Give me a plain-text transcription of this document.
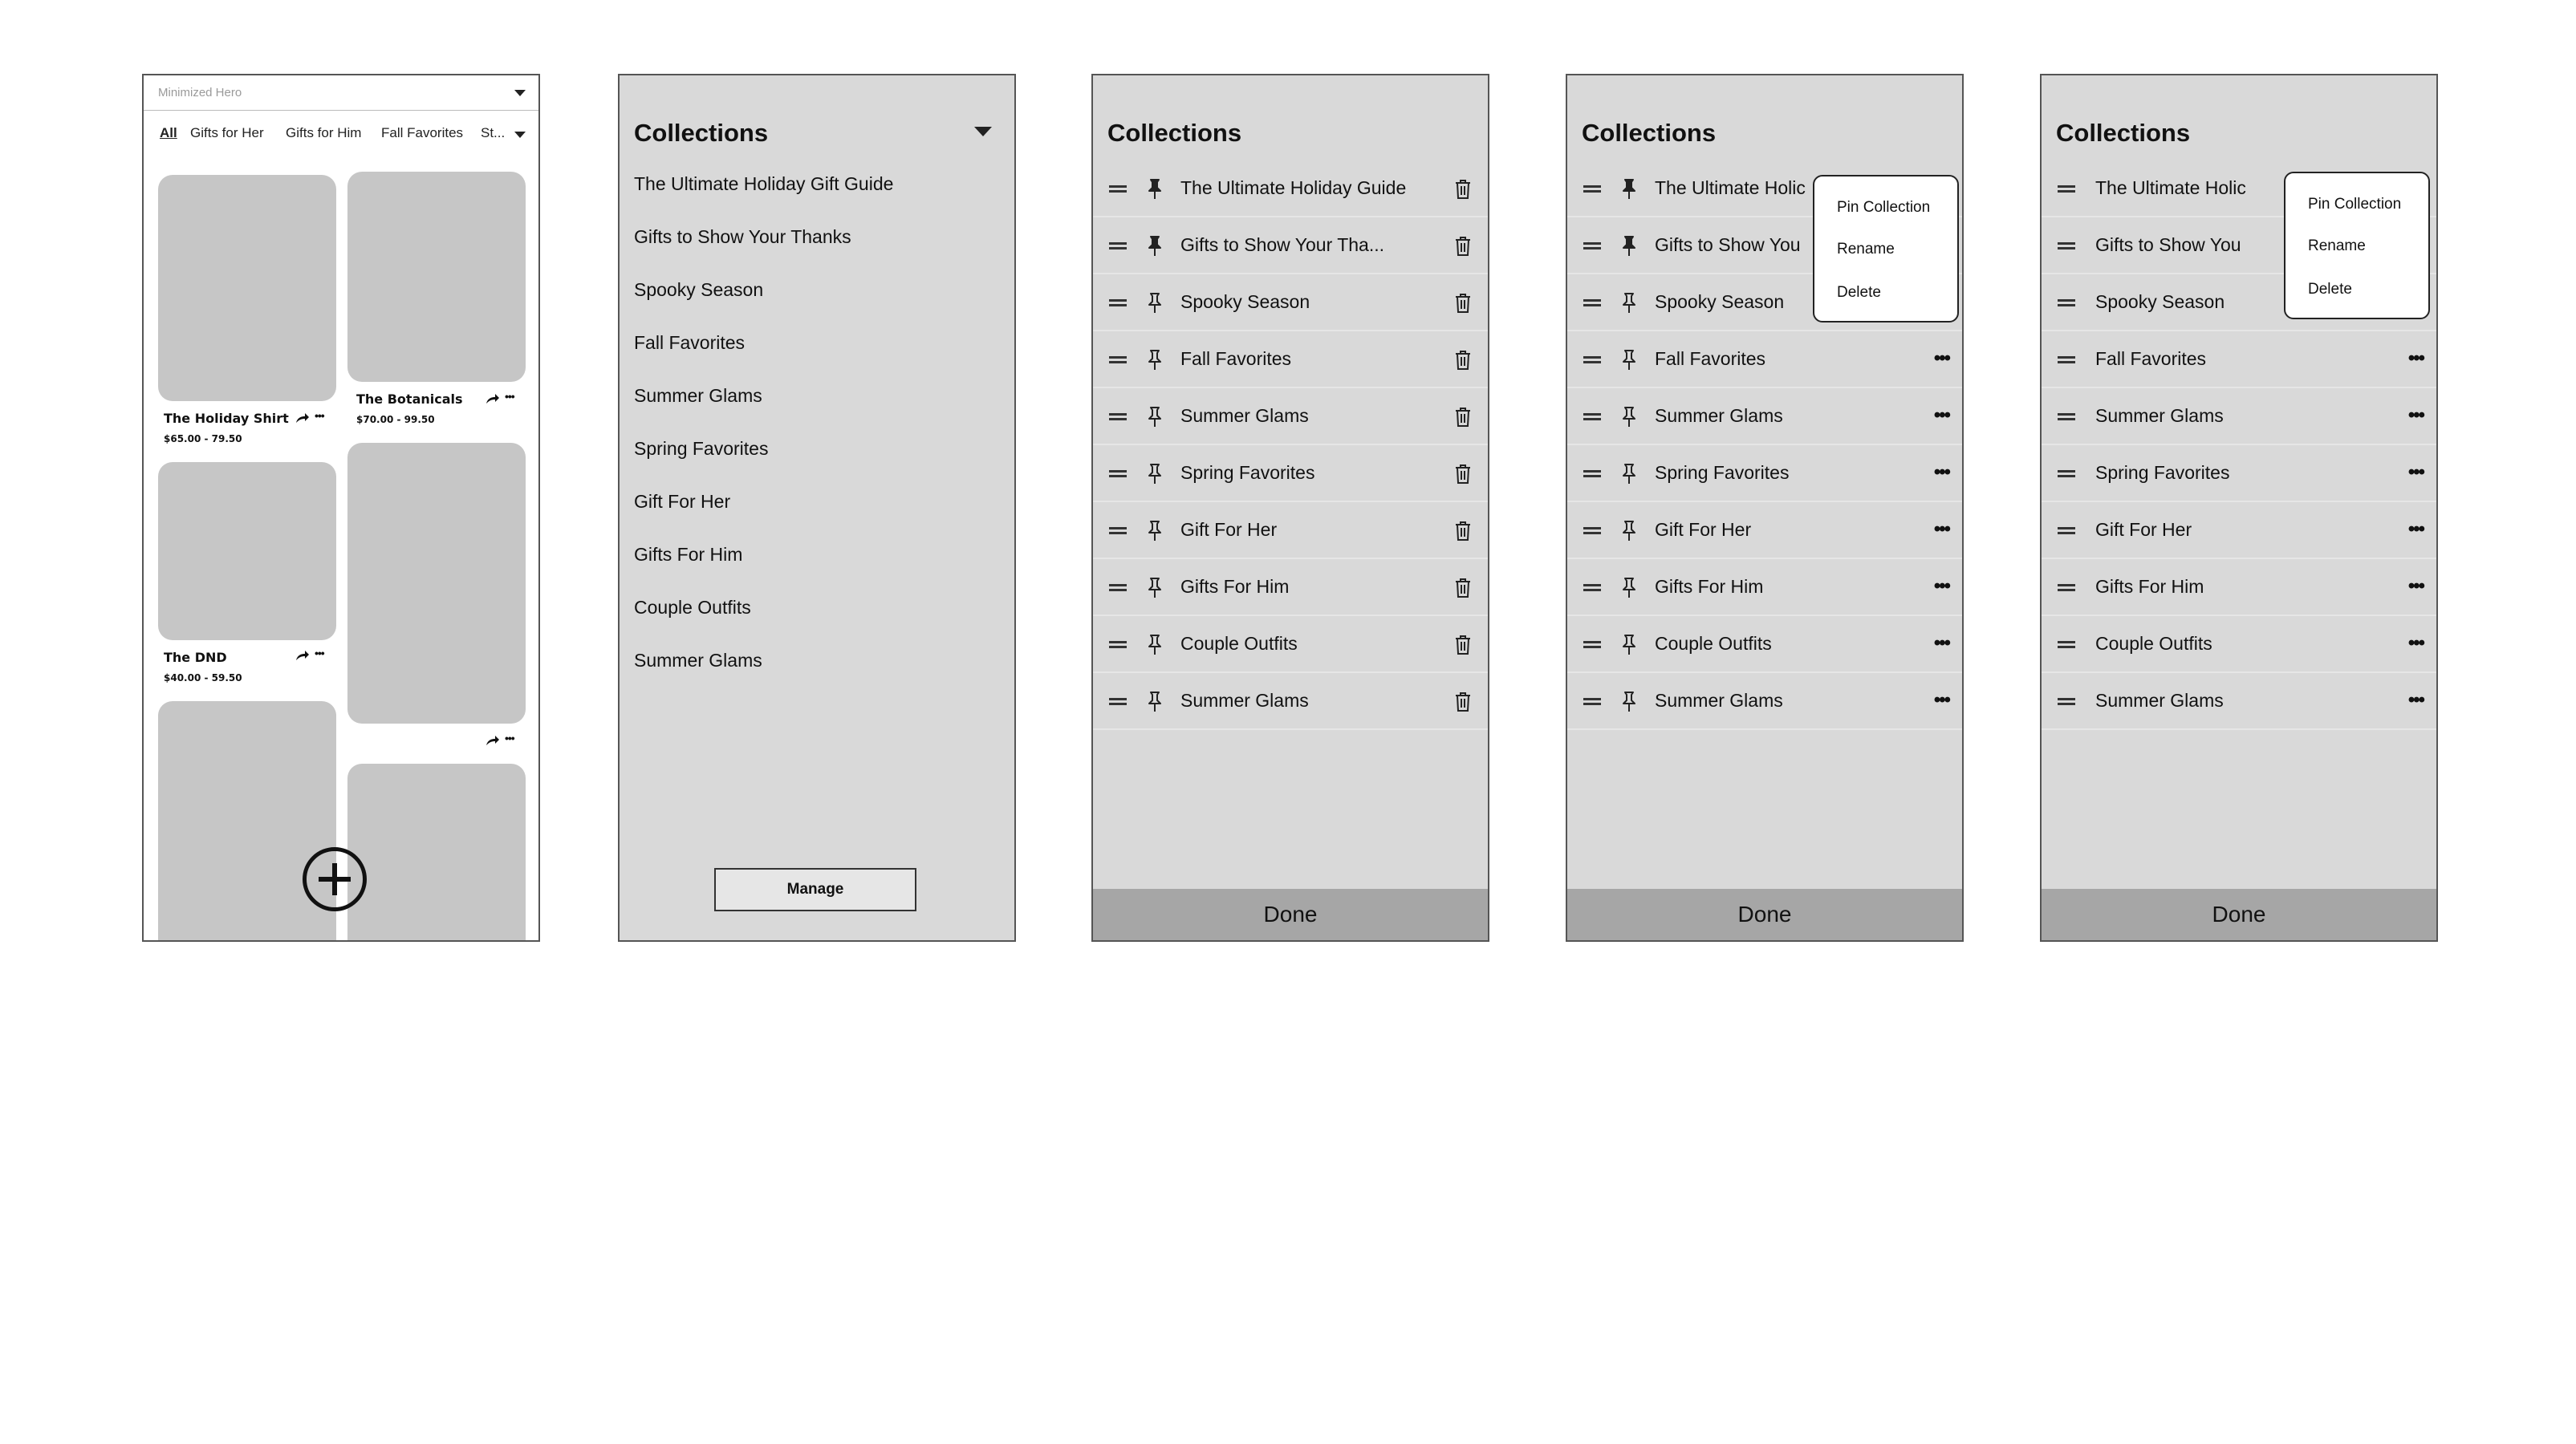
Minimized Hero
All Gifts for Her Gifts for Him Fall Favorites St...
The Holiday Shirt •••
$65.00 - 79.50
The DND	•••
$40.00 - 59.50
The Botanicals	•••
$70.00 - 99.50
•••
Collections
The Ultimate Holiday Gift Guide
Gifts to Show Your Thanks
Spooky Season
Fall Favorites
Summer Glams
Spring Favorites
Gift For Her
Gifts For Him
Couple Outfits
Summer Glams
Manage
Collections
The Ultimate Holiday Guide
Gifts to Show Your Tha...
Spooky Season
Fall Favorites
Summer Glams
Spring Favorites
Gift For Her
Gifts For Him
Couple Outfits
Summer Glams
Done
Collections
The Ultimate Holic
Gifts to Show You
Spooky Season
Fall Favorites	•••
Summer Glams	•••
Spring Favorites	•••
Gift For Her	•••
Gifts For Him	•••
Couple Outfits	•••
Summer Glams	•••
Pin Collection
Rename
Delete
Done
Collections
The Ultimate Holic
Gifts to Show You
Spooky Season
Fall Favorites	•••
Summer Glams	•••
Spring Favorites	•••
Gift For Her	•••
Gifts For Him	•••
Couple Outfits	•••
Summer Glams	•••
Pin Collection
Rename
Delete
Done
